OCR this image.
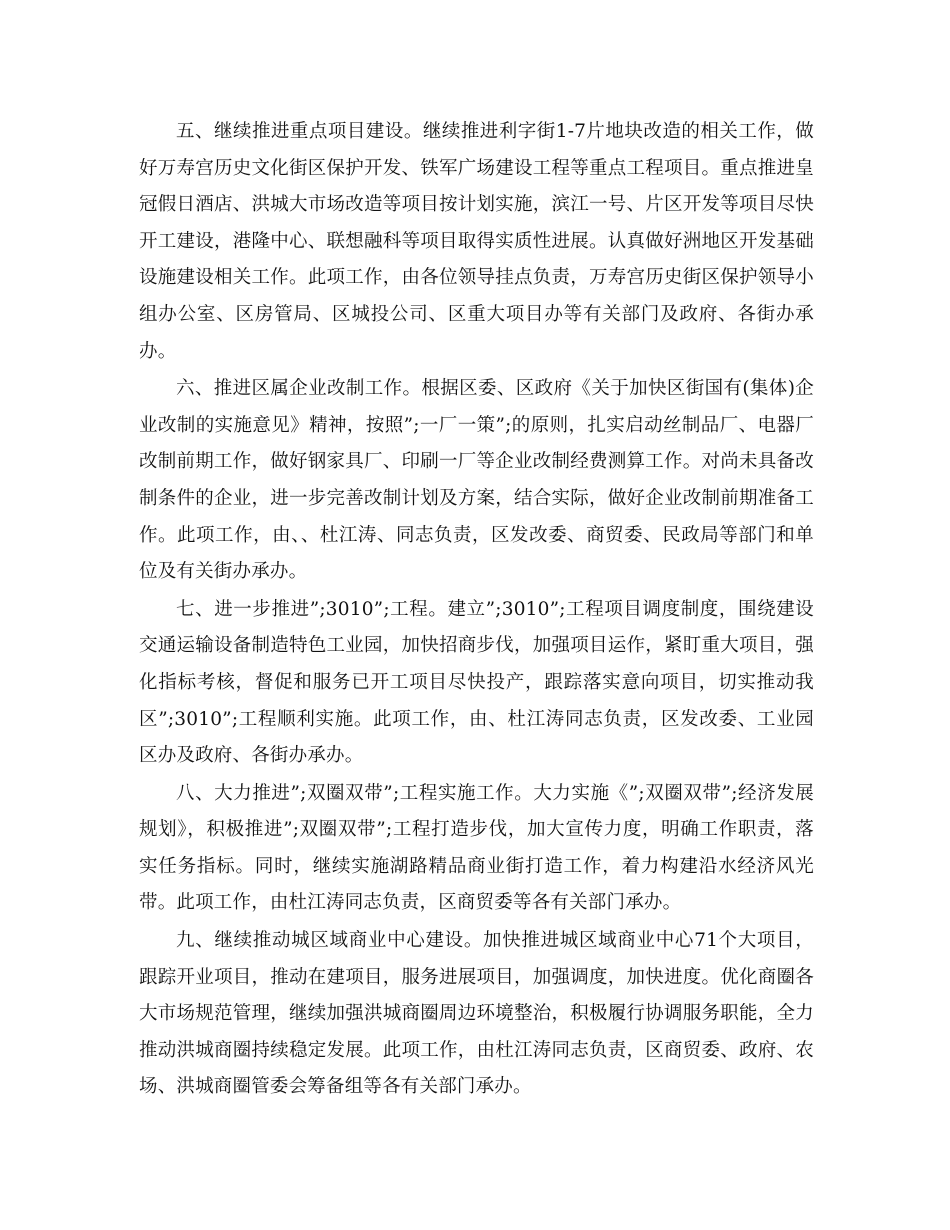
五、继续推进重点项目建设。继续推进利字街1-7片地块改造的相关工作，做好万寿宫历史文化街区保护开发、铁军广场建设工程等重点工程项目。重点推进皇冠假日酒店、洪城大市场改造等项目按计划实施，滨江一号、片区开发等项目尽快开工建设，港隆中心、联想融科等项目取得实质性进展。认真做好洲地区开发基础设施建设相关工作。此项工作，由各位领导挂点负责，万寿宫历史街区保护领导小组办公室、区房管局、区城投公司、区重大项目办等有关部门及政府、各街办承办。

六、推进区属企业改制工作。根据区委、区政府《关于加快区街国有(集体)企业改制的实施意见》精神，按照”;一厂一策”;的原则，扎实启动丝制品厂、电器厂改制前期工作，做好钢家具厂、印刷一厂等企业改制经费测算工作。对尚未具备改制条件的企业，进一步完善改制计划及方案，结合实际，做好企业改制前期准备工作。此项工作，由、、杜江涛、同志负责，区发改委、商贸委、民政局等部门和单位及有关街办承办。

七、进一步推进”;3010”;工程。建立”;3010”;工程项目调度制度，围绕建设交通运输设备制造特色工业园，加快招商步伐，加强项目运作，紧盯重大项目，强化指标考核，督促和服务已开工项目尽快投产，跟踪落实意向项目，切实推动我区”;3010”;工程顺利实施。此项工作，由、杜江涛同志负责，区发改委、工业园区办及政府、各街办承办。

八、大力推进”;双圈双带”;工程实施工作。大力实施《”;双圈双带”;经济发展规划》，积极推进”;双圈双带”;工程打造步伐，加大宣传力度，明确工作职责，落实任务指标。同时，继续实施湖路精品商业街打造工作，着力构建沿水经济风光带。此项工作，由杜江涛同志负责，区商贸委等各有关部门承办。

九、继续推动城区域商业中心建设。加快推进城区域商业中心71个大项目，跟踪开业项目，推动在建项目，服务进展项目，加强调度，加快进度。优化商圈各大市场规范管理，继续加强洪城商圈周边环境整治，积极履行协调服务职能，全力推动洪城商圈持续稳定发展。此项工作，由杜江涛同志负责，区商贸委、政府、农场、洪城商圈管委会筹备组等各有关部门承办。
